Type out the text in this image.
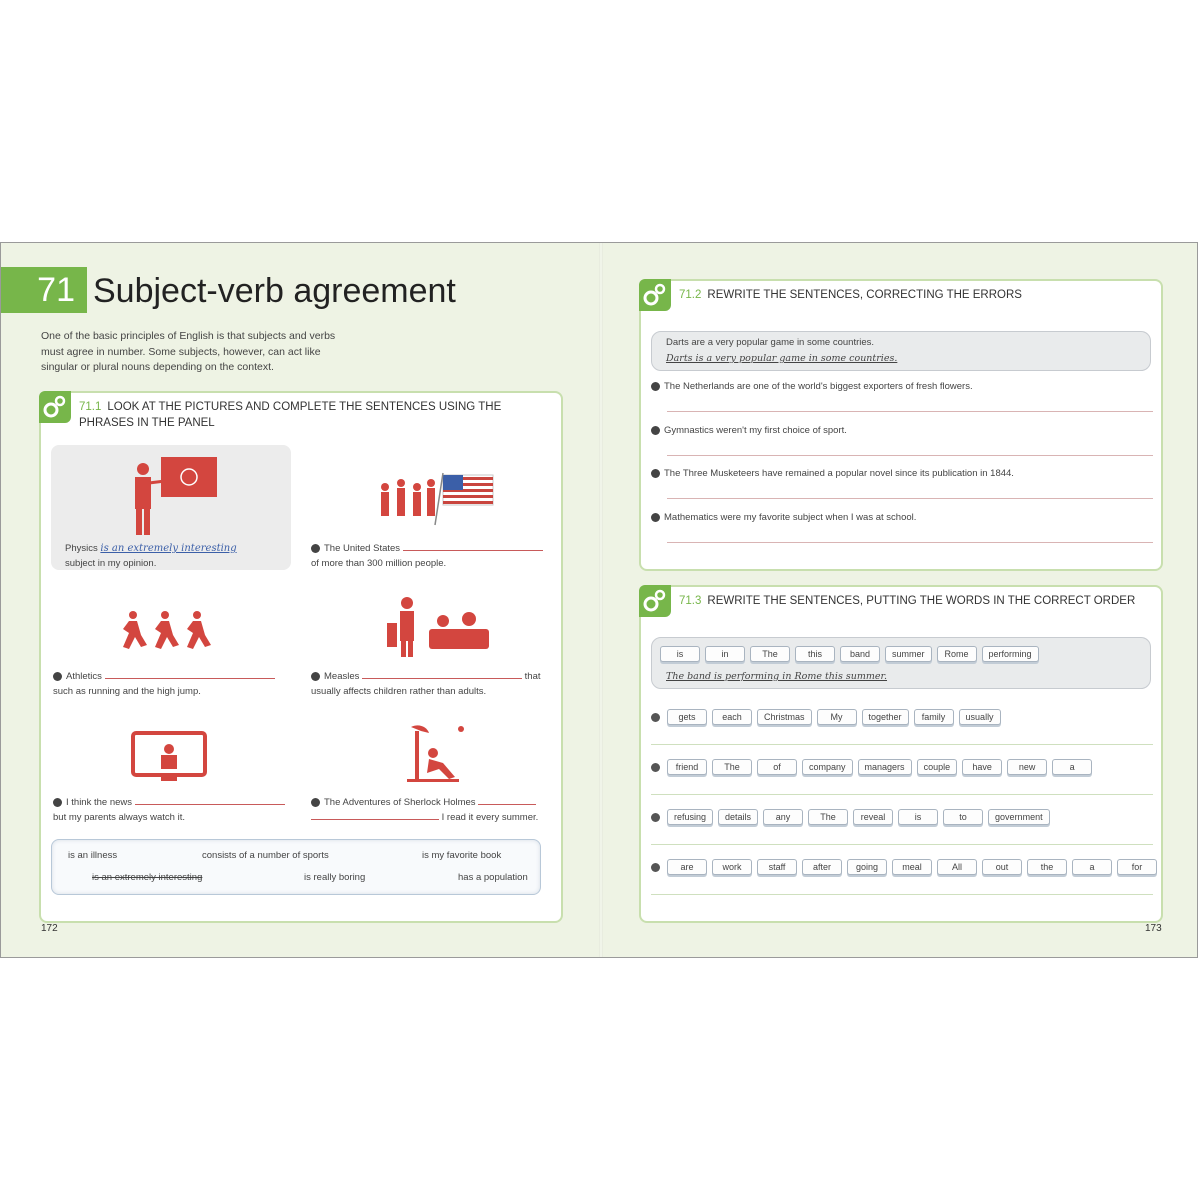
71 Subject-verb agreement
One of the basic principles of English is that subjects and verbs must agree in number. Some subjects, however, can act like singular or plural nouns depending on the context.
71.1 LOOK AT THE PICTURES AND COMPLETE THE SENTENCES USING THE PHRASES IN THE PANEL
Physics is an extremely interesting
subject in my opinion.
The United States
of more than 300 million people.
Athletics
such as running and the high jump.
Measles	that
usually affects children rather than adults.
I think the news
but my parents always watch it.
The Adventures of Sherlock Holmes
I read it every summer.
is an illness	consists of a number of sports	is my favorite book
is an extremely interesting	is really boring	has a population
71.2 REWRITE THE SENTENCES, CORRECTING THE ERRORS
Darts are a very popular game in some countries.
Darts is a very popular game in some countries.
The Netherlands are one of the world's biggest exporters of fresh flowers.
Gymnastics weren't my first choice of sport.
The Three Musketeers have remained a popular novel since its publication in 1844.
Mathematics were my favorite subject when I was at school.
71.3 REWRITE THE SENTENCES, PUTTING THE WORDS IN THE CORRECT ORDER
is	in	The	this	band	summer	Rome	performing
The band is performing in Rome this summer.
gets	each	Christmas	My	together	family	usually
friend	The	of	company	managers	couple	have	new	a
refusing	details	any	The	reveal	is	to	government
are	work	staff	after	going	meal	All	out	the	a	for
172	173
